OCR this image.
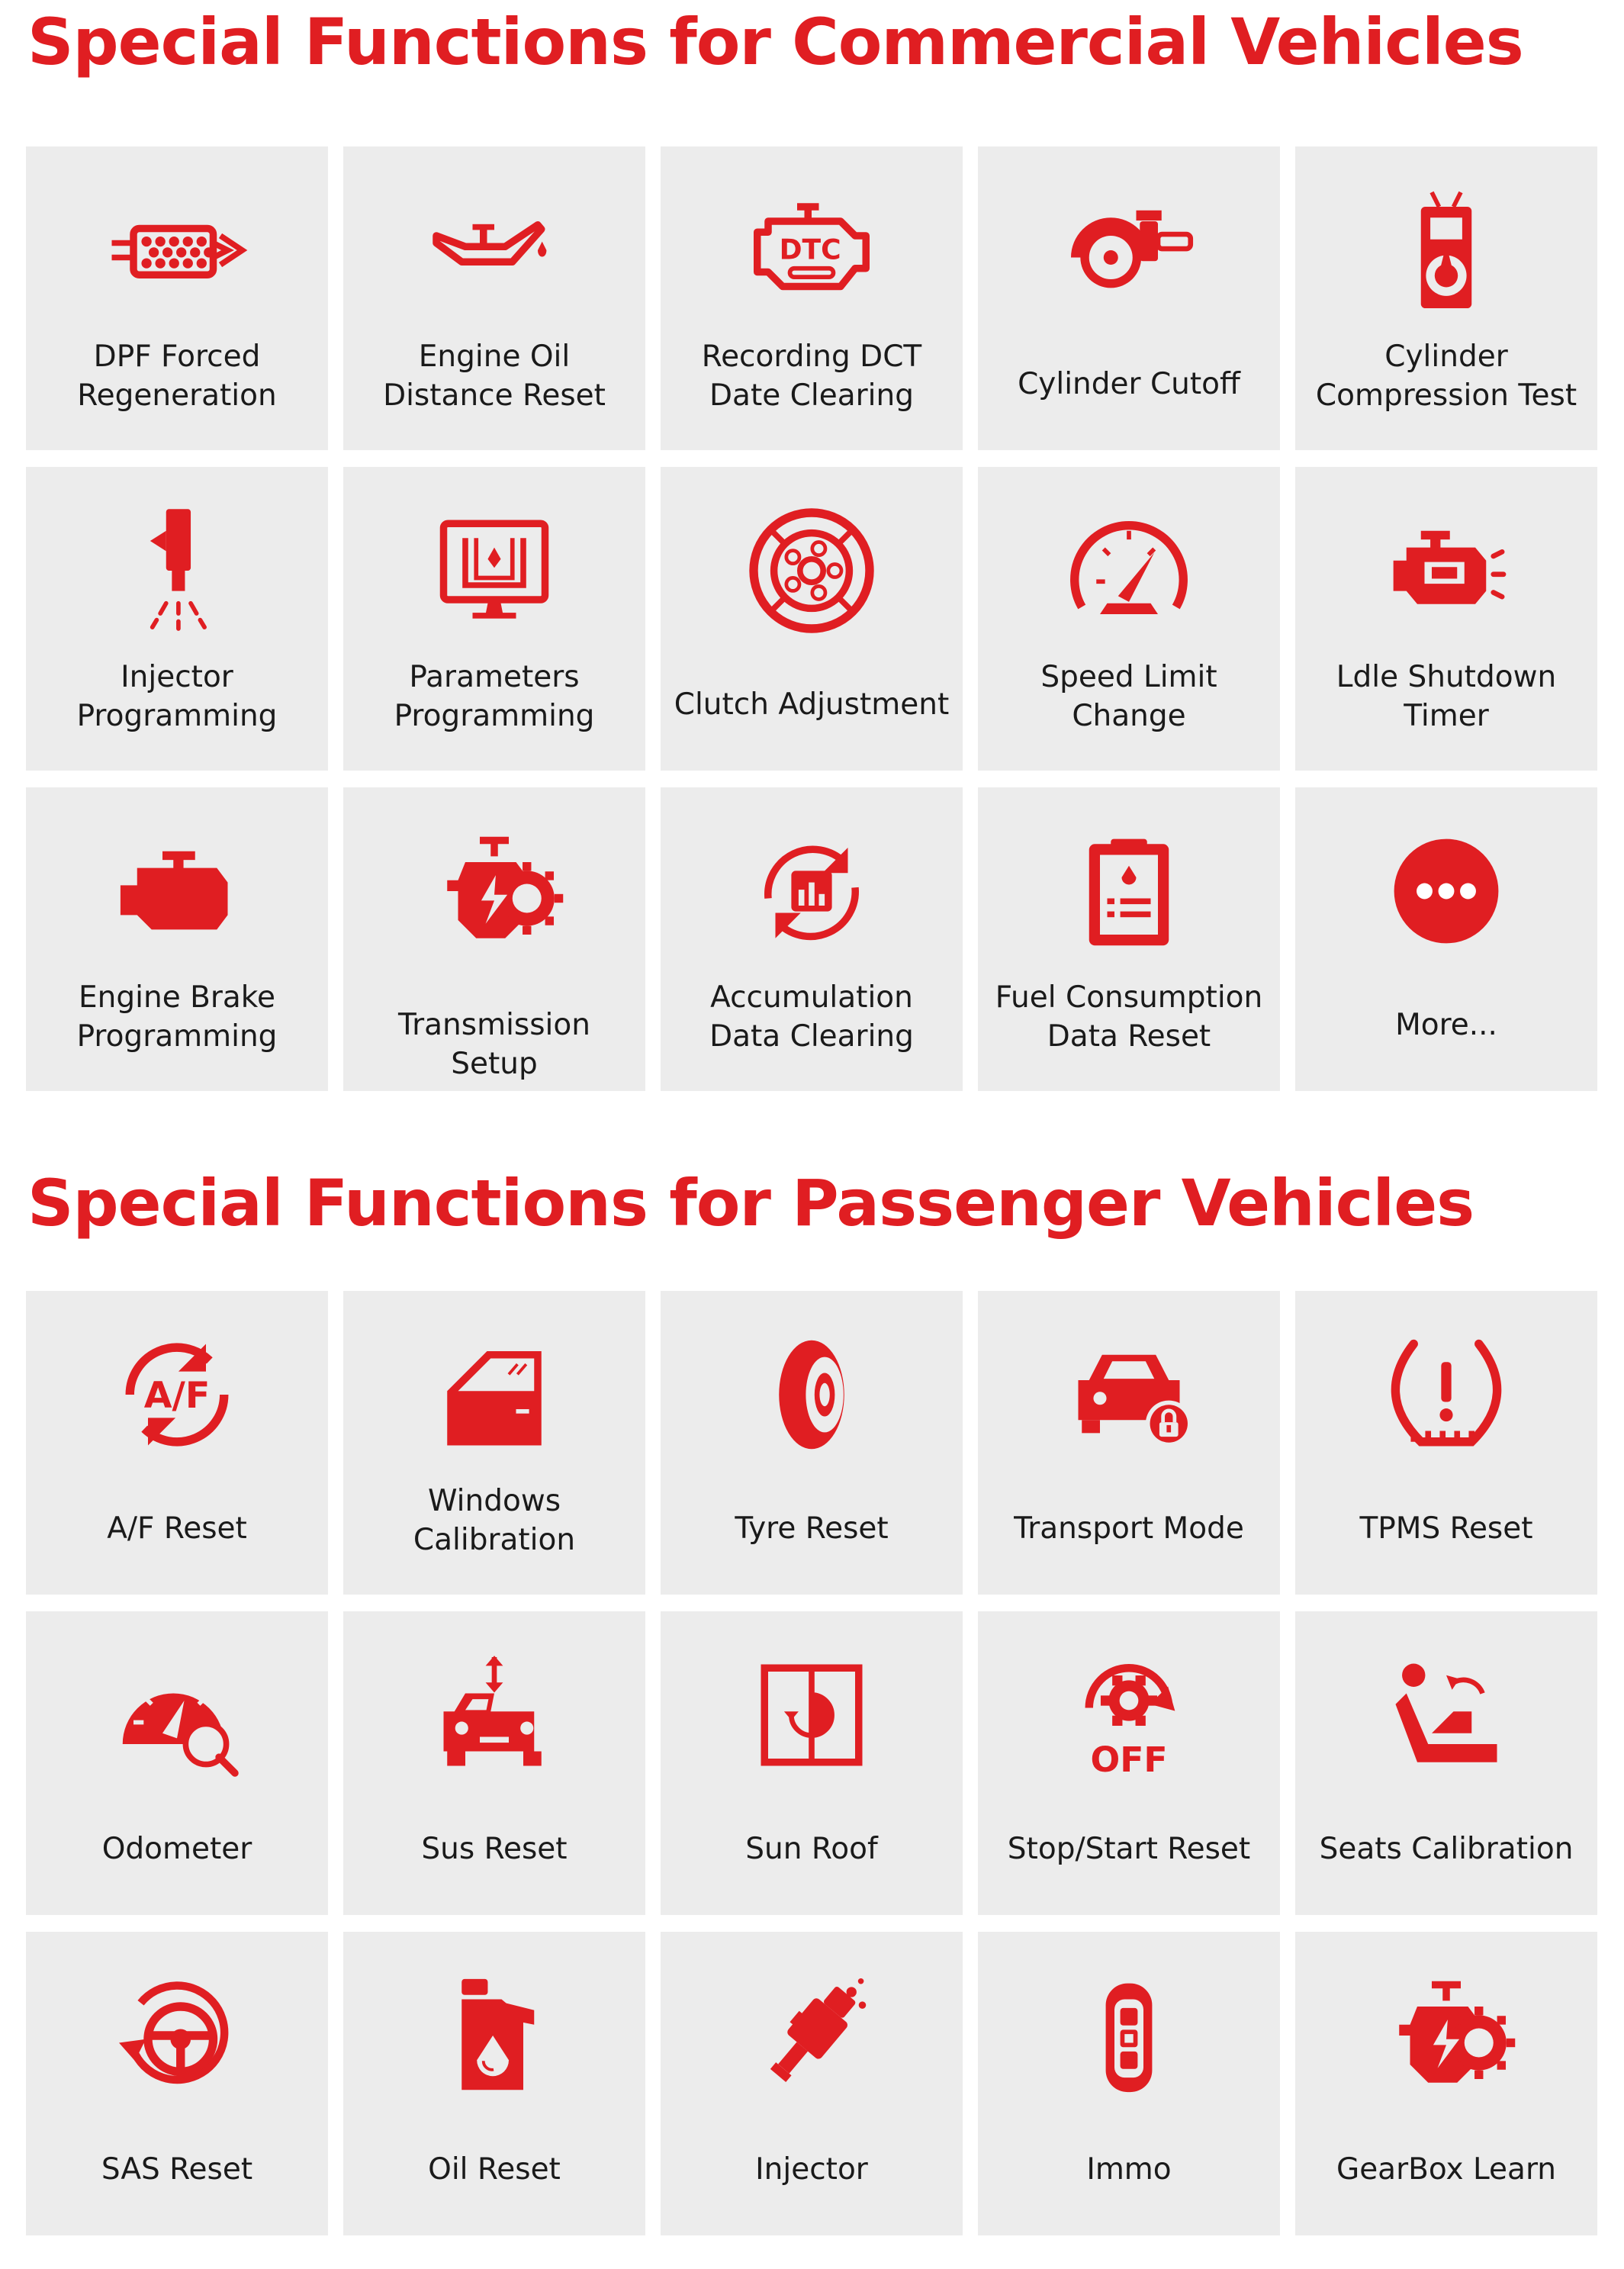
Special Functions for Commercial Vehicles
DPF Forced
Regeneration
Engine Oil
Distance Reset
DTC
Recording DCT
Date Clearing	Cylinder Cutoff
Cylinder
Compression Test
Injector
Programming
Parameters
Programming	Clutch Adjustment
Speed Limit
Change
Ldle Shutdown
Timer
Engine Brake
Programming	Transmission Setup
Accumulation
Data Clearing
Fuel Consumption
Data Reset	More...
Special Functions for Passenger Vehicles
A/F
A/F Reset
Windows
Calibration	Tyre Reset	Transport Mode	TPMS Reset
Odometer	Sus Reset	Sun Roof
OFF
Stop/Start Reset	Seats Calibration
SAS Reset	Oil Reset	Injector	Immo	GearBox Learn
